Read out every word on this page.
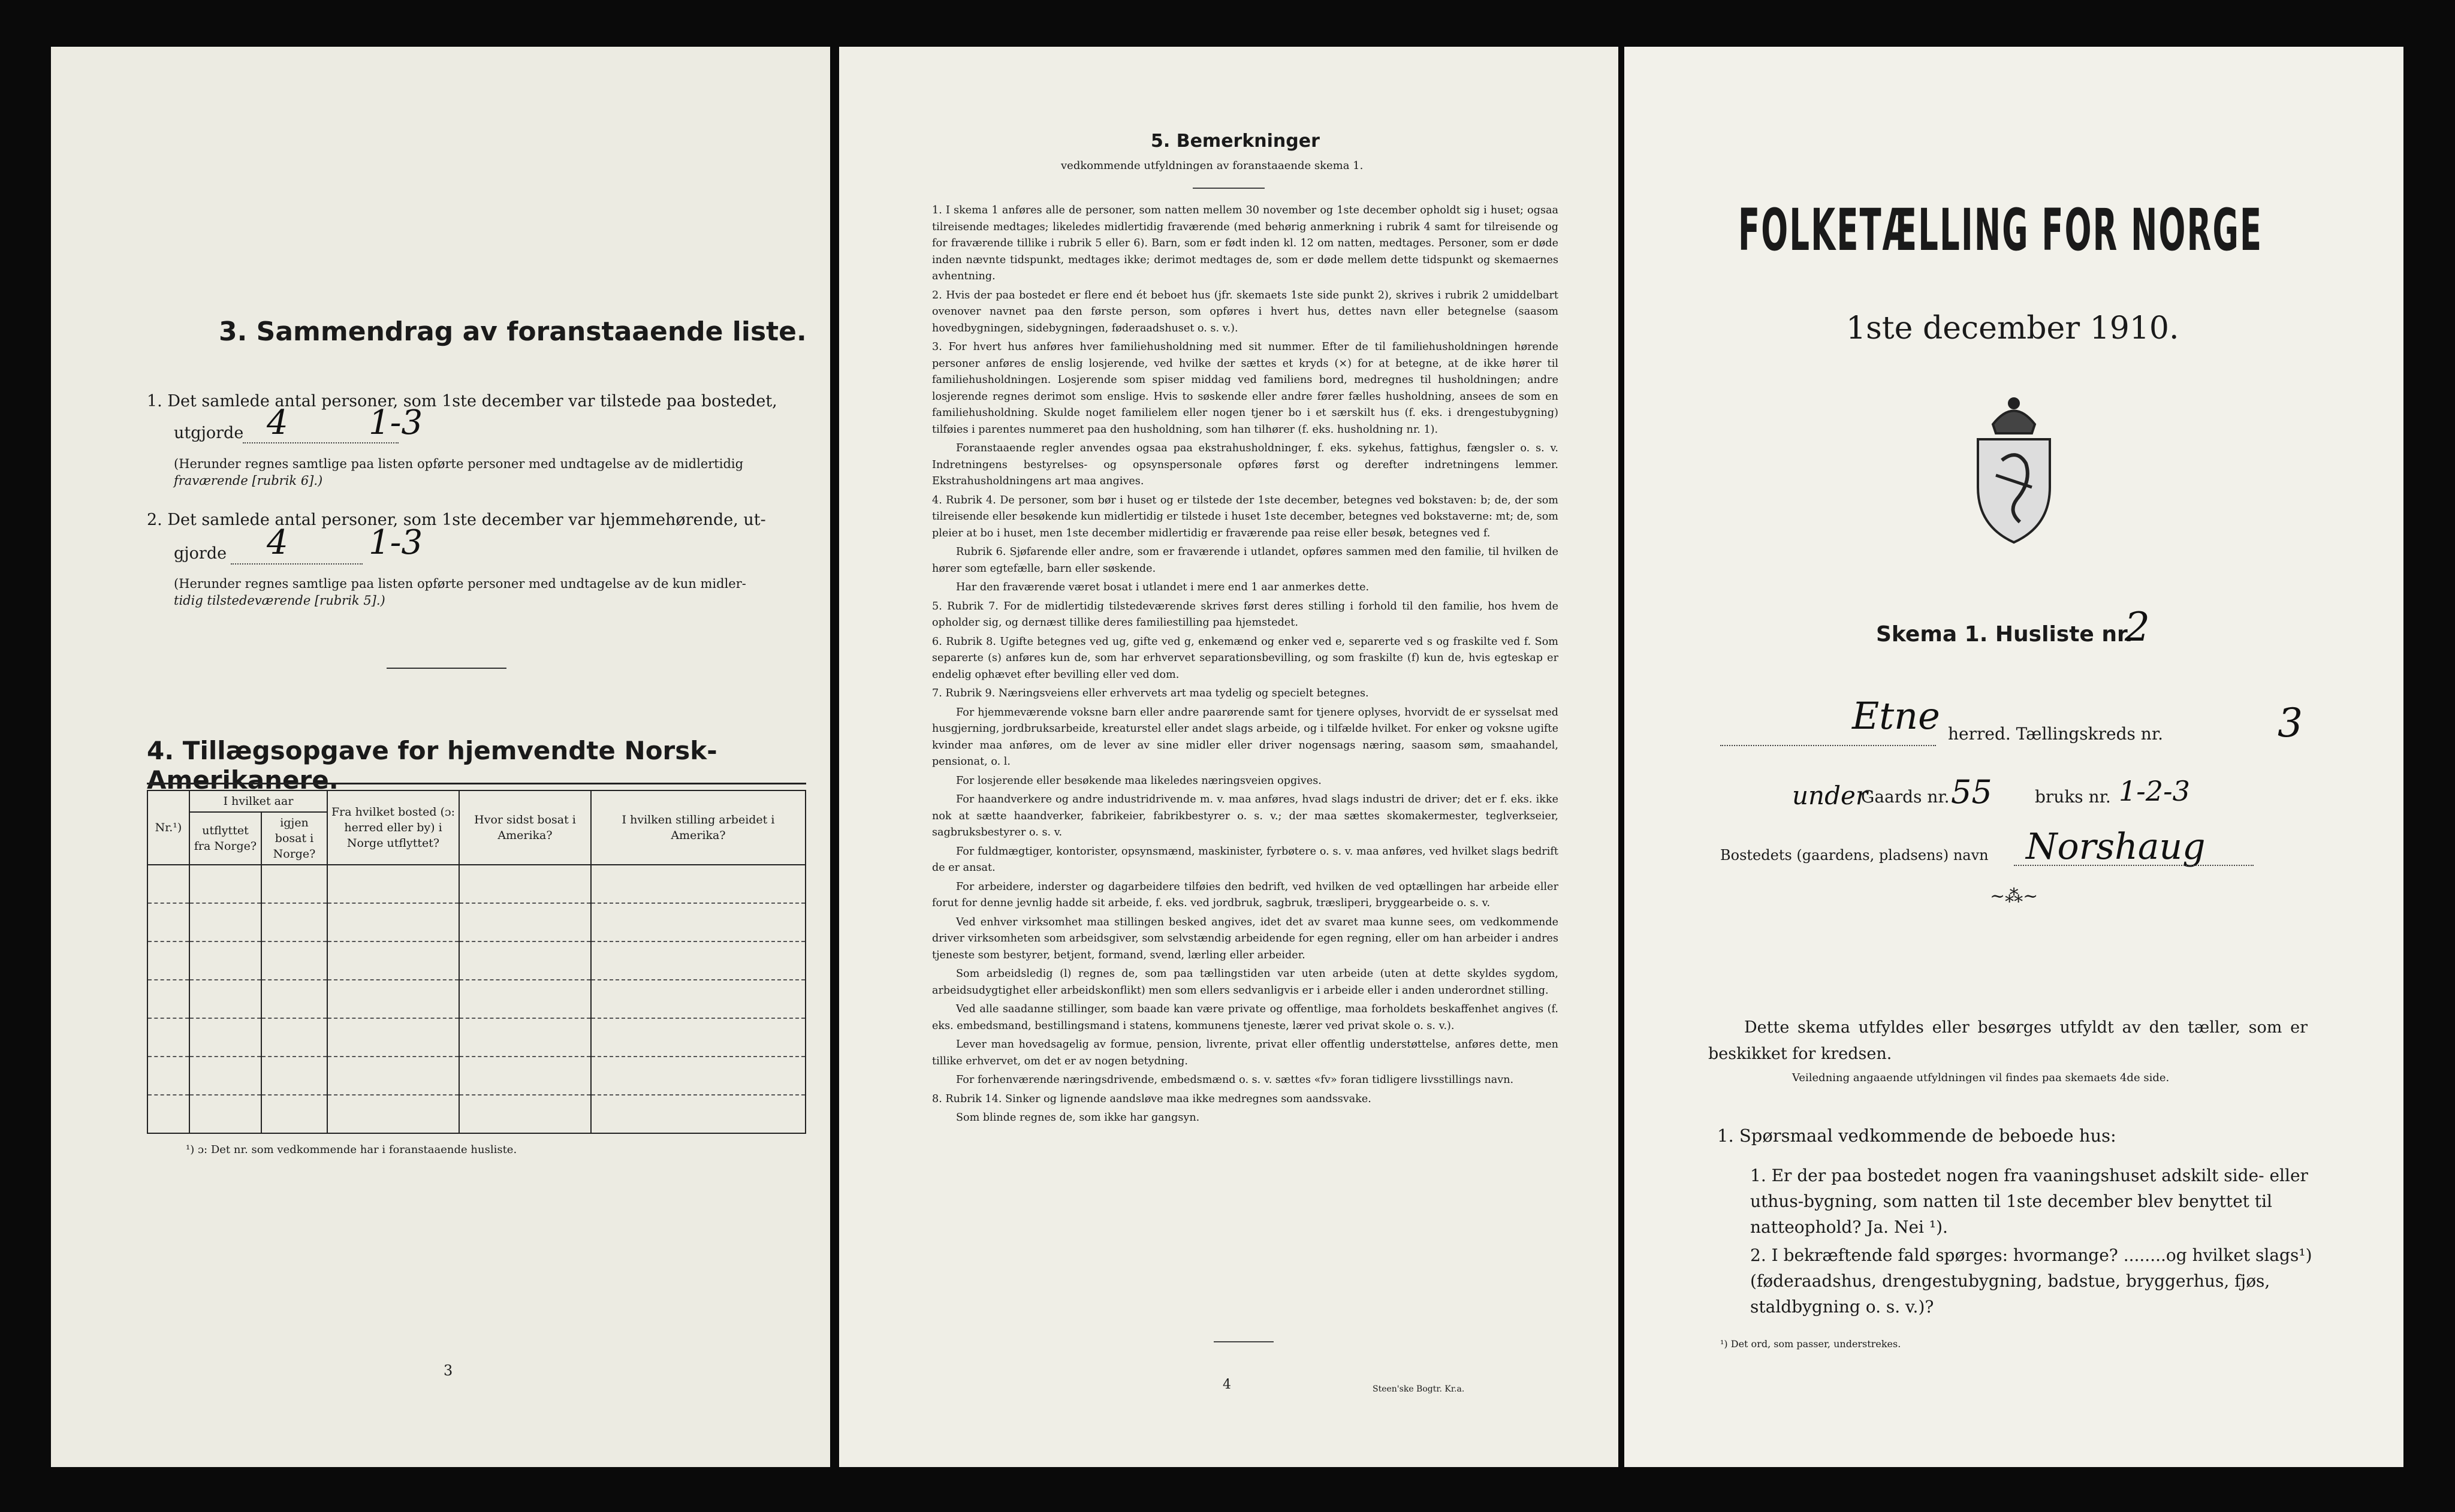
3. Sammendrag av foranstaaende liste.
1. Det samlede antal personer, som 1ste december var tilstede paa bostedet,
utgjorde 4 1-3
(Herunder regnes samtlige paa listen opførte personer med undtagelse av de midlertidig
fraværende [rubrik 6].)
2. Det samlede antal personer, som 1ste december var hjemmehørende, ut-
gjorde 4 1-3
(Herunder regnes samtlige paa listen opførte personer med undtagelse av de kun midler-
tidig tilstedeværende [rubrik 5].)
4. Tillægsopgave for hjemvendte Norsk-Amerikanere.
Nr.¹)	I hvilket aar		Fra hvilket bosted (ɔ: herred eller by) i Norge utflyttet?	Hvor sidst bosat i Amerika?	I hvilken stilling arbeidet i Amerika?
	utflyttet fra Norge?	igjen bosat i Norge?			

¹) ɔ: Det nr. som vedkommende har i foranstaaende husliste.
3
5. Bemerkninger
vedkommende utfyldningen av foranstaaende skema 1.

1. I skema 1 anføres alle de personer, som natten mellem 30 november og 1ste december opholdt sig i huset; ogsaa tilreisende medtages; likeledes midlertidig fraværende (med behørig anmerkning i rubrik 4 samt for tilreisende og for fraværende tillike i rubrik 5 eller 6). Barn, som er født inden kl. 12 om natten, medtages. Personer, som er døde inden nævnte tidspunkt, medtages ikke; derimot medtages de, som er døde mellem dette tidspunkt og skemaernes avhentning.

2. Hvis der paa bostedet er flere end ét beboet hus (jfr. skemaets 1ste side punkt 2), skrives i rubrik 2 umiddelbart ovenover navnet paa den første person, som opføres i hvert hus, dettes navn eller betegnelse (saasom hovedbygningen, sidebygningen, føderaadshuset o. s. v.).

3. For hvert hus anføres hver familiehusholdning med sit nummer. Efter de til familiehusholdningen hørende personer anføres de enslig losjerende, ved hvilke der sættes et kryds (×) for at betegne, at de ikke hører til familiehusholdningen. Losjerende som spiser middag ved familiens bord, medregnes til husholdningen; andre losjerende regnes derimot som enslige. Hvis to søskende eller andre fører fælles husholdning, ansees de som en familiehusholdning. Skulde noget familielem eller nogen tjener bo i et særskilt hus (f. eks. i drengestubygning) tilføies i parentes nummeret paa den husholdning, som han tilhører (f. eks. husholdning nr. 1).

Foranstaaende regler anvendes ogsaa paa ekstrahusholdninger, f. eks. sykehus, fattighus, fængsler o. s. v. Indretningens bestyrelses- og opsynspersonale opføres først og derefter indretningens lemmer. Ekstrahusholdningens art maa angives.

4. Rubrik 4. De personer, som bør i huset og er tilstede der 1ste december, betegnes ved bokstaven: b; de, der som tilreisende eller besøkende kun midlertidig er tilstede i huset 1ste december, betegnes ved bokstaverne: mt; de, som pleier at bo i huset, men 1ste december midlertidig er fraværende paa reise eller besøk, betegnes ved f.

Rubrik 6. Sjøfarende eller andre, som er fraværende i utlandet, opføres sammen med den familie, til hvilken de hører som egtefælle, barn eller søskende.

Har den fraværende været bosat i utlandet i mere end 1 aar anmerkes dette.

5. Rubrik 7. For de midlertidig tilstedeværende skrives først deres stilling i forhold til den familie, hos hvem de opholder sig, og dernæst tillike deres familiestilling paa hjemstedet.

6. Rubrik 8. Ugifte betegnes ved ug, gifte ved g, enkemænd og enker ved e, separerte ved s og fraskilte ved f. Som separerte (s) anføres kun de, som har erhvervet separationsbevilling, og som fraskilte (f) kun de, hvis egteskap er endelig ophævet efter bevilling eller ved dom.

7. Rubrik 9. Næringsveiens eller erhvervets art maa tydelig og specielt betegnes.

For hjemmeværende voksne barn eller andre paarørende samt for tjenere oplyses, hvorvidt de er sysselsat med husgjerning, jordbruksarbeide, kreaturstel eller andet slags arbeide, og i tilfælde hvilket. For enker og voksne ugifte kvinder maa anføres, om de lever av sine midler eller driver nogensags næring, saasom søm, smaahandel, pensionat, o. l.

For losjerende eller besøkende maa likeledes næringsveien opgives.

For haandverkere og andre industridrivende m. v. maa anføres, hvad slags industri de driver; det er f. eks. ikke nok at sætte haandverker, fabrikeier, fabrikbestyrer o. s. v.; der maa sættes skomakermester, teglverkseier, sagbruksbestyrer o. s. v.

For fuldmægtiger, kontorister, opsynsmænd, maskinister, fyrbøtere o. s. v. maa anføres, ved hvilket slags bedrift de er ansat.

For arbeidere, inderster og dagarbeidere tilføies den bedrift, ved hvilken de ved optællingen har arbeide eller forut for denne jevnlig hadde sit arbeide, f. eks. ved jordbruk, sagbruk, træsliperi, bryggearbeide o. s. v.

Ved enhver virksomhet maa stillingen besked angives, idet det av svaret maa kunne sees, om vedkommende driver virksomheten som arbeidsgiver, som selvstændig arbeidende for egen regning, eller om han arbeider i andres tjeneste som bestyrer, betjent, formand, svend, lærling eller arbeider.

Som arbeidsledig (l) regnes de, som paa tællingstiden var uten arbeide (uten at dette skyldes sygdom, arbeidsudygtighet eller arbeidskonflikt) men som ellers sedvanligvis er i arbeide eller i anden underordnet stilling.

Ved alle saadanne stillinger, som baade kan være private og offentlige, maa forholdets beskaffenhet angives (f. eks. embedsmand, bestillingsmand i statens, kommunens tjeneste, lærer ved privat skole o. s. v.).

Lever man hovedsagelig av formue, pension, livrente, privat eller offentlig understøttelse, anføres dette, men tillike erhvervet, om det er av nogen betydning.

For forhenværende næringsdrivende, embedsmænd o. s. v. sættes «fv» foran tidligere livsstillings navn.

8. Rubrik 14. Sinker og lignende aandsløve maa ikke medregnes som aandssvake.

Som blinde regnes de, som ikke har gangsyn.

4	Steen'ske Bogtr. Kr.a.
FOLKETÆLLING FOR NORGE
1ste december 1910.
Skema 1. Husliste nr.
2
Etne herred. Tællingskreds nr.	3
under
Gaards nr. 55	bruks nr. 1-2-3
Bostedets (gaardens, pladsens) navn Norshaug
~⁂~
Dette skema utfyldes eller besørges utfyldt av den tæller, som er beskikket for kredsen.
Veiledning angaaende utfyldningen vil findes paa skemaets 4de side.
1. Spørsmaal vedkommende de beboede hus:
1. Er der paa bostedet nogen fra vaaningshuset adskilt side- eller uthus-bygning, som natten til 1ste december blev benyttet til natteophold? Ja. Nei ¹).
2. I bekræftende fald spørges: hvormange? ........og hvilket slags¹) (føderaadshus, drengestubygning, badstue, bryggerhus, fjøs, staldbygning o. s. v.)?
¹) Det ord, som passer, understrekes.
